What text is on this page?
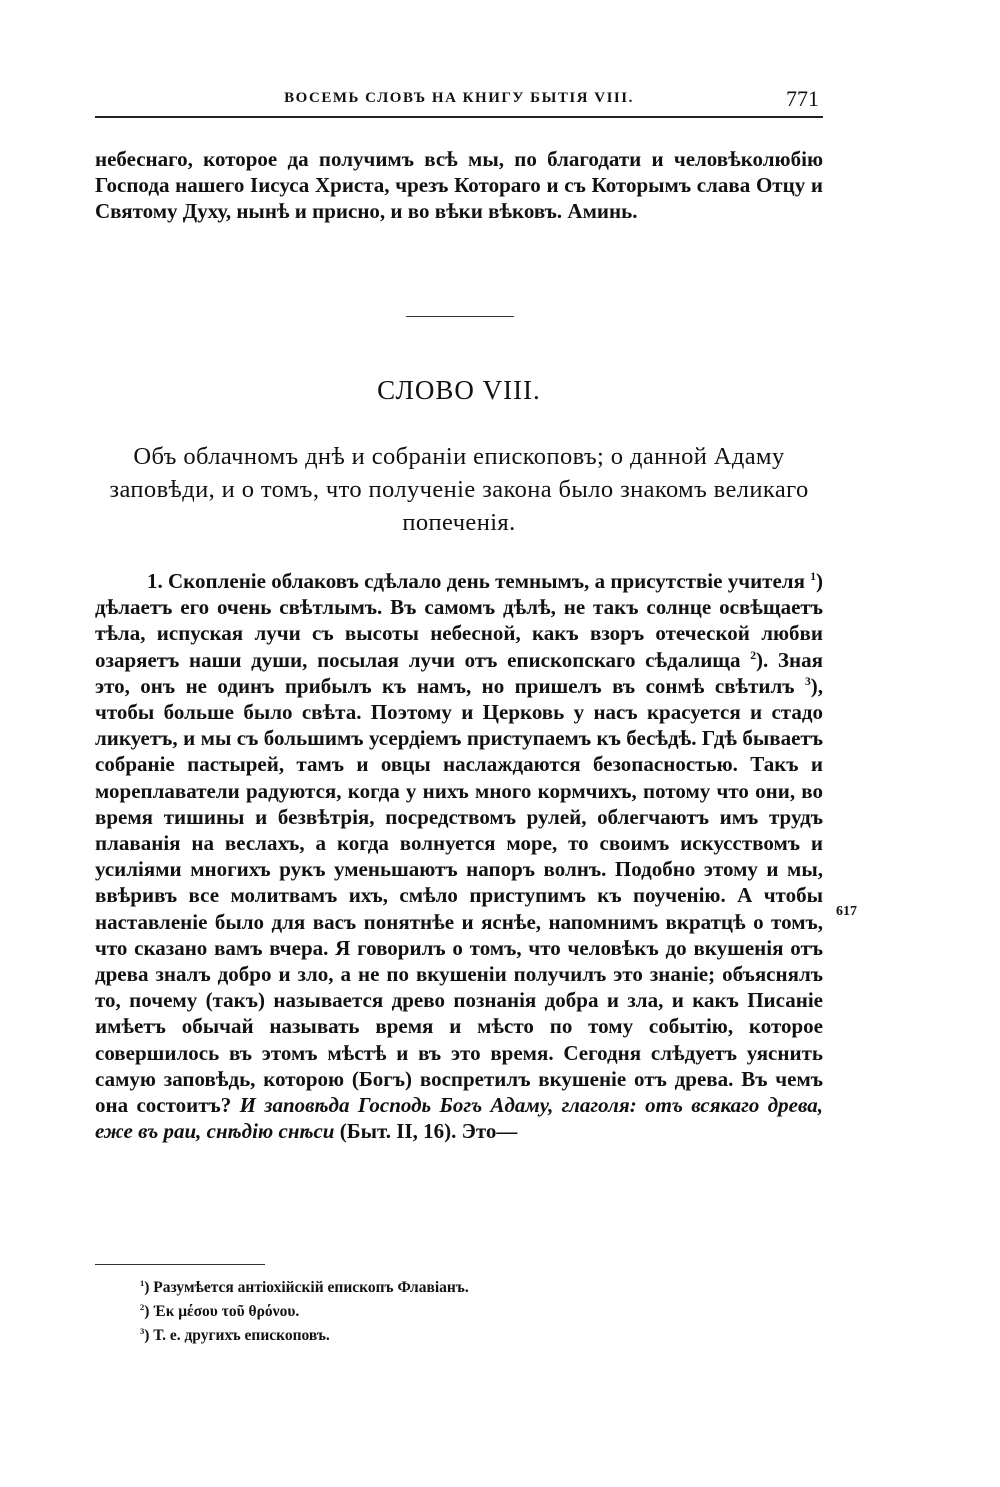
ВОСЕМЬ СЛОВЪ НА КНИГУ БЫТІЯ VIII.	771
небеснаго, которое да получимъ всѣ мы, по благодати и человѣколюбію Господа нашего Іисуса Христа, чрезъ Котораго и съ Которымъ слава Отцу и Святому Духу, нынѣ и присно, и во вѣки вѣковъ. Аминь.
СЛОВО VIII.
Объ облачномъ днѣ и собраніи епископовъ; о данной Адаму заповѣди, и о томъ, что полученіе закона было знакомъ великаго попеченія.
1. Скопленіе облаковъ сдѣлало день темнымъ, а присутствіе учителя $^1$) дѣлаетъ его очень свѣтлымъ. Въ самомъ дѣлѣ, не такъ солнце освѣщаетъ тѣла, испуская лучи съ высоты небесной, какъ взоръ отеческой любви озаряетъ наши души, посылая лучи отъ епископскаго сѣдалища $^2$). Зная это, онъ не одинъ прибылъ къ намъ, но пришелъ въ сонмѣ свѣтилъ $^3$), чтобы больше было свѣта. Поэтому и Церковь у насъ красуется и стадо ликуетъ, и мы съ большимъ усердіемъ приступаемъ къ бесѣдѣ. Гдѣ бываетъ собраніе пастырей, тамъ и овцы наслаждаются безопасностью. Такъ и мореплаватели радуются, когда у нихъ много кормчихъ, потому что они, во время тишины и безвѣтрія, посредствомъ рулей, облегчаютъ имъ трудъ плаванія на веслахъ, а когда волнуется море, то своимъ искусствомъ и усиліями многихъ рукъ уменьшаютъ напоръ волнъ. Подобно этому и мы, ввѣривъ все молитвамъ ихъ, смѣло приступимъ къ поученію. А чтобы наставленіе было для васъ понятнѣе и яснѣе, напомнимъ вкратцѣ о томъ, что сказано вамъ вчера. Я говорилъ о томъ, что человѣкъ до вкушенія отъ древа зналъ добро и зло, а не по вкушеніи получилъ это знаніе; объяснялъ то, почему (такъ) называется древо познанія добра и зла, и какъ Писаніе имѣетъ обычай называть время и мѣсто по тому событію, которое совершилось въ этомъ мѣстѣ и въ это время. Сегодня слѣдуетъ уяснить самую заповѣдь, которою (Богъ) воспретилъ вкушеніе отъ древа. Въ чемъ она состоитъ? И заповѣда Господь Богъ Адаму, глаголя: отъ всякаго древа, еже въ раи, снѣдію снѣси (Быт. II, 16). Это—
617
$^1$) Разумѣется антіохійскій епископъ Флавіанъ.
$^2$) Ἐκ μέσου τοῦ θρόνου.
$^3$) Т. е. другихъ епископовъ.
